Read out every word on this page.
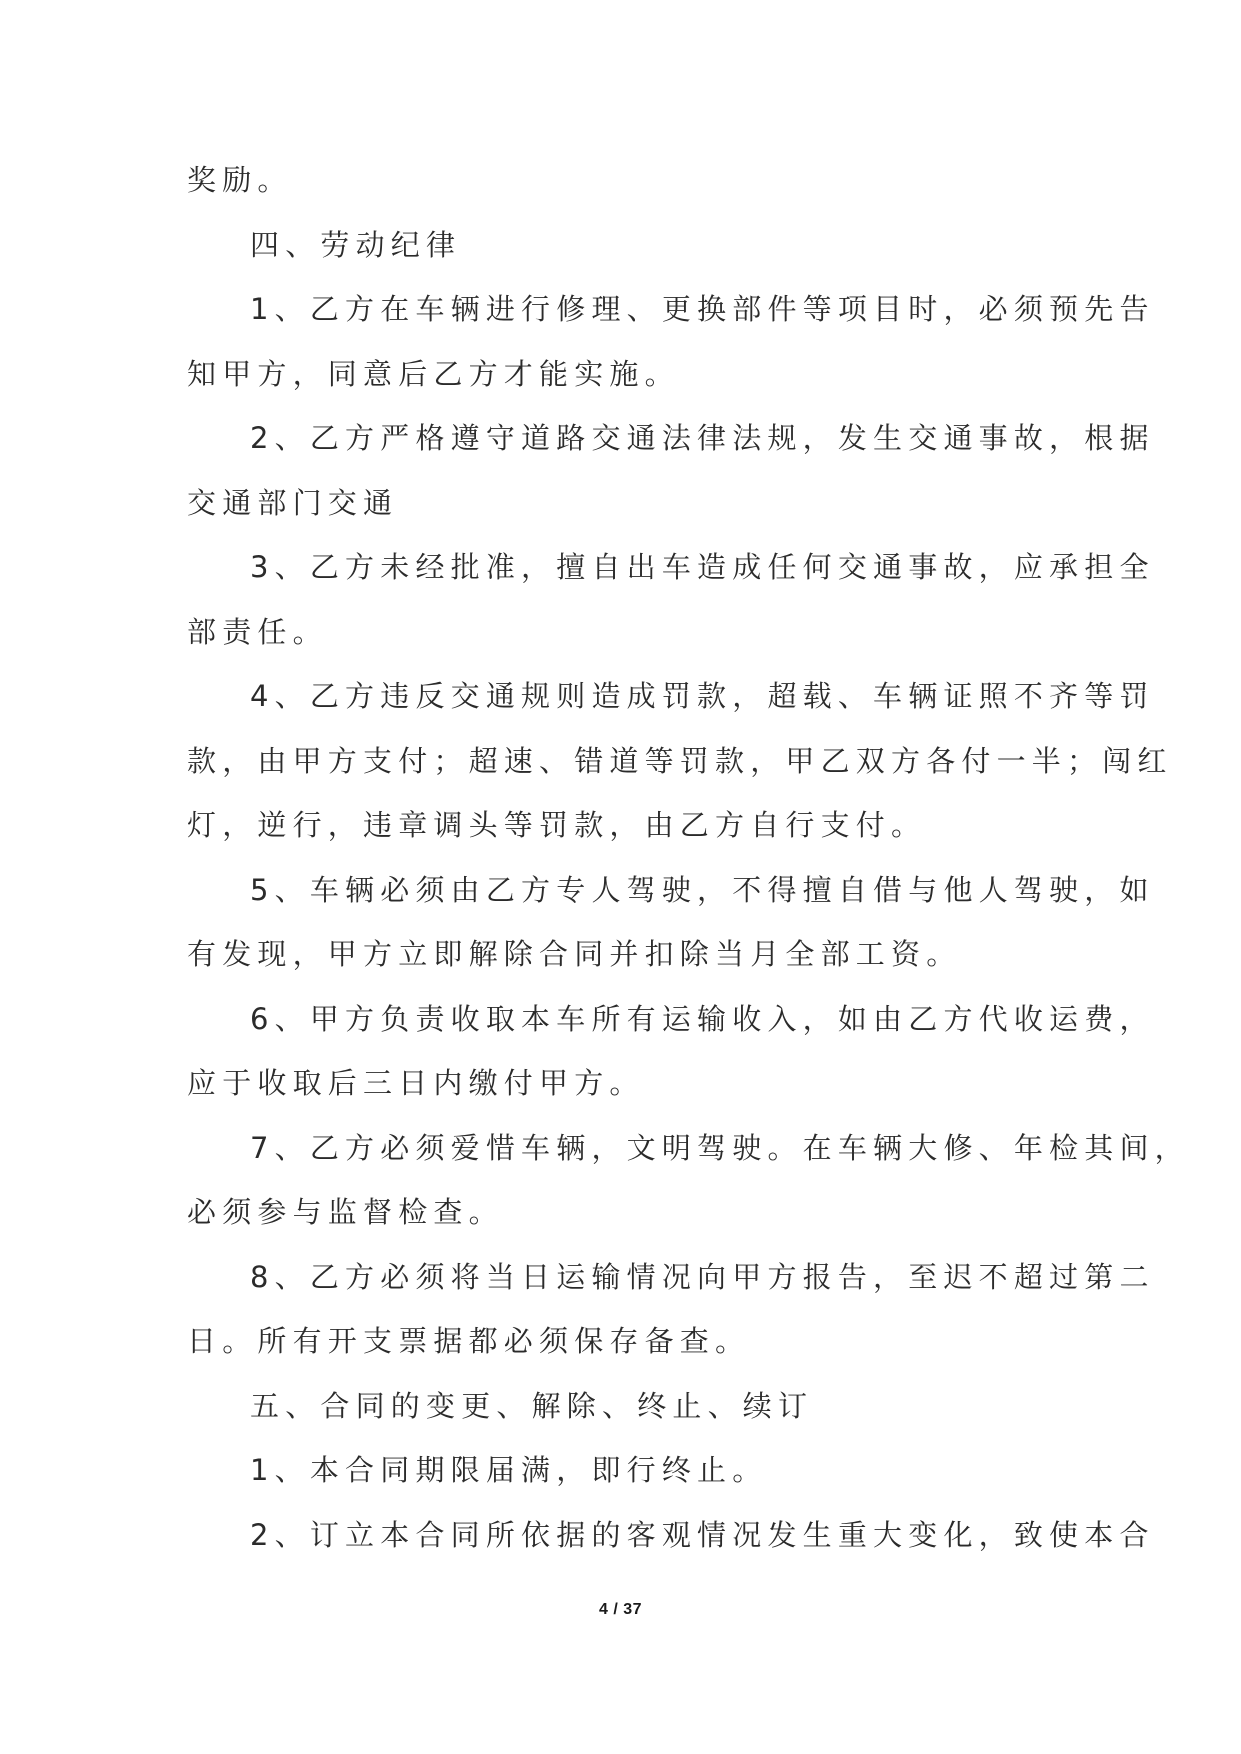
奖励。
四、劳动纪律
1、乙方在车辆进行修理、更换部件等项目时，必须预先告
知甲方，同意后乙方才能实施。
2、乙方严格遵守道路交通法律法规，发生交通事故，根据
交通部门交通
3、乙方未经批准，擅自出车造成任何交通事故，应承担全
部责任。
4、乙方违反交通规则造成罚款，超载、车辆证照不齐等罚
款，由甲方支付；超速、错道等罚款，甲乙双方各付一半；闯红
灯，逆行，违章调头等罚款，由乙方自行支付。
5、车辆必须由乙方专人驾驶，不得擅自借与他人驾驶，如
有发现，甲方立即解除合同并扣除当月全部工资。
6、甲方负责收取本车所有运输收入，如由乙方代收运费，
应于收取后三日内缴付甲方。
7、乙方必须爱惜车辆，文明驾驶。在车辆大修、年检其间，
必须参与监督检查。
8、乙方必须将当日运输情况向甲方报告，至迟不超过第二
日。所有开支票据都必须保存备查。
五、合同的变更、解除、终止、续订
1、本合同期限届满，即行终止。
2、订立本合同所依据的客观情况发生重大变化，致使本合
4 / 37
